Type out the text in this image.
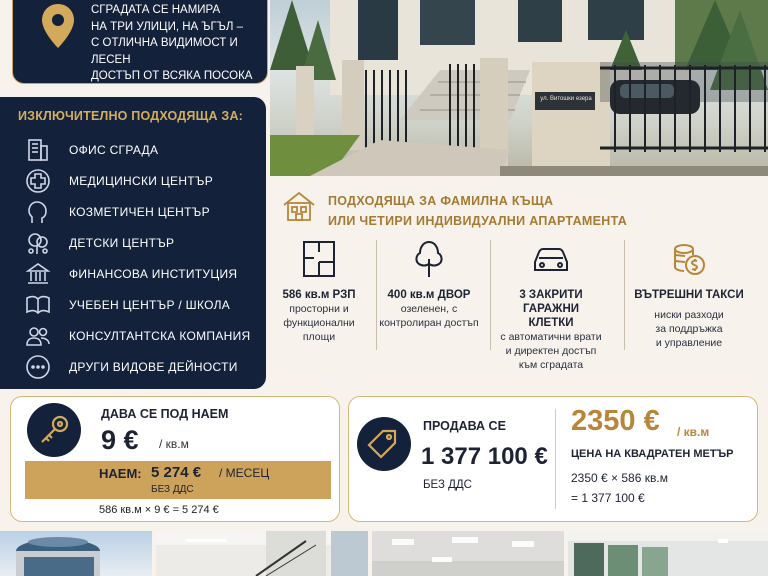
СГРАДАТА СЕ НАМИРА
НА ТРИ УЛИЦИ, НА ЪГЪЛ –
С ОТЛИЧНА ВИДИМОСТ И ЛЕСЕН
ДОСТЪП ОТ ВСЯКА ПОСОКА
ул. Витошки езера
ИЗКЛЮЧИТЕЛНО ПОДХОДЯЩА ЗА:
ОФИС СГРАДА
МЕДИЦИНСКИ ЦЕНТЪР
КОЗМЕТИЧЕН ЦЕНТЪР
ДЕТСКИ ЦЕНТЪР
ФИНАНСОВА ИНСТИТУЦИЯ
УЧЕБЕН ЦЕНТЪР / ШКОЛА
КОНСУЛТАНТСКА КОМПАНИЯ
ДРУГИ ВИДОВЕ ДЕЙНОСТИ
ПОДХОДЯЩА ЗА ФАМИЛНА КЪЩА
ИЛИ ЧЕТИРИ ИНДИВИДУАЛНИ АПАРТАМЕНТА
586 кв.м РЗП
просторни и
функционални
площи
400 кв.м ДВОР
озеленен, с
контролиран достъп
3 ЗАКРИТИ ГАРАЖНИ КЛЕТКИ
с автоматични врати
и директен достъп
към сградата
ВЪТРЕШНИ ТАКСИ
ниски разходи
за поддръжка
и управление
ДАВА СЕ ПОД НАЕМ
9 € / кв.м
НАЕМ: 5 274 € / МЕСЕЦ
БЕЗ ДДС
586 кв.м × 9 € = 5 274 €
ПРОДАВА СЕ
1 377 100 €
БЕЗ ДДС
2350 € / кв.м
ЦЕНА НА КВАДРАТЕН МЕТЪР
2350 € × 586 кв.м
= 1 377 100 €
